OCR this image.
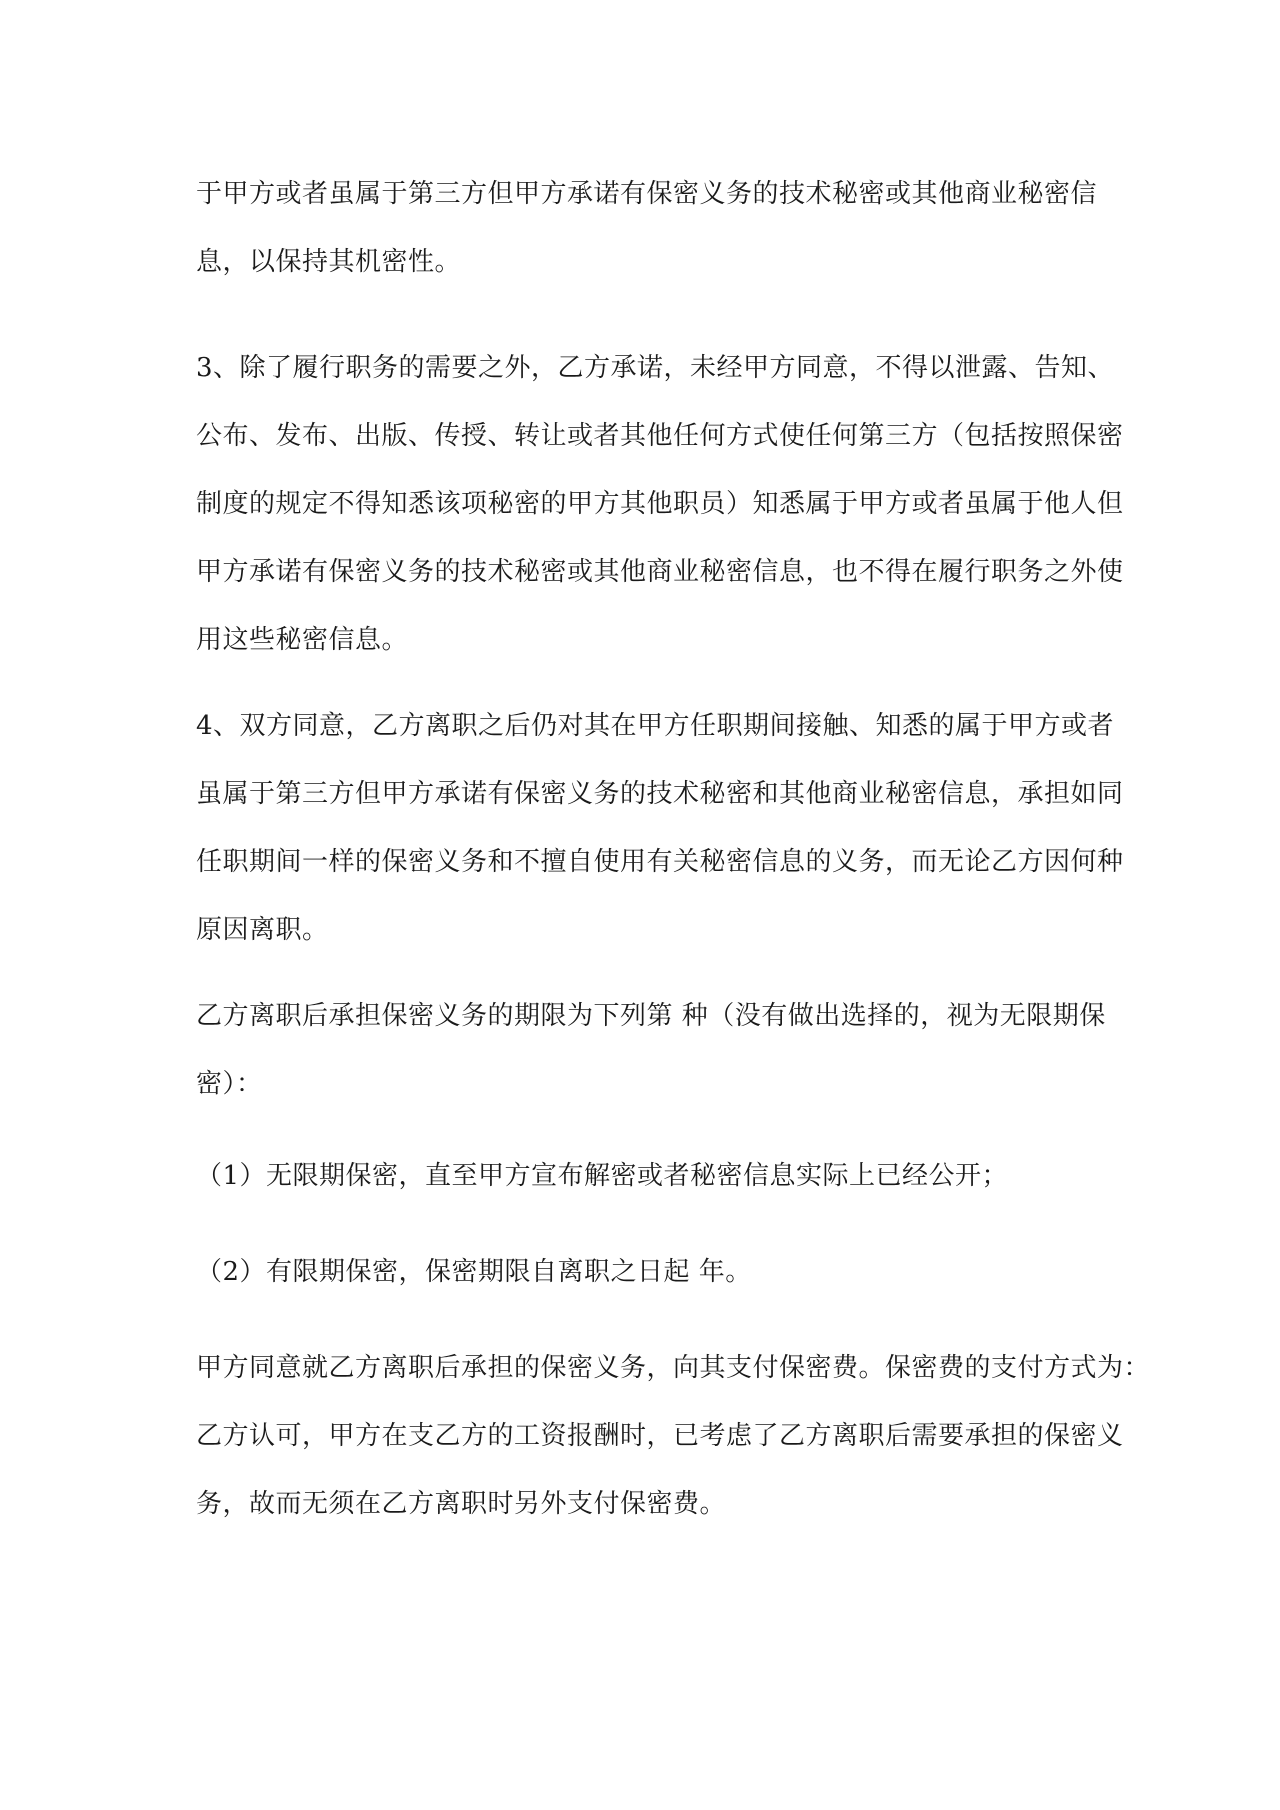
于甲方或者虽属于第三方但甲方承诺有保密义务的技术秘密或其他商业秘密信
息，以保持其机密性。
3、除了履行职务的需要之外，乙方承诺，未经甲方同意，不得以泄露、告知、
公布、发布、出版、传授、转让或者其他任何方式使任何第三方（包括按照保密
制度的规定不得知悉该项秘密的甲方其他职员）知悉属于甲方或者虽属于他人但
甲方承诺有保密义务的技术秘密或其他商业秘密信息，也不得在履行职务之外使
用这些秘密信息。
4、双方同意，乙方离职之后仍对其在甲方任职期间接触、知悉的属于甲方或者
虽属于第三方但甲方承诺有保密义务的技术秘密和其他商业秘密信息，承担如同
任职期间一样的保密义务和不擅自使用有关秘密信息的义务，而无论乙方因何种
原因离职。
乙方离职后承担保密义务的期限为下列第 种（没有做出选择的，视为无限期保
密）：
（1）无限期保密，直至甲方宣布解密或者秘密信息实际上已经公开；
（2）有限期保密，保密期限自离职之日起 年。
甲方同意就乙方离职后承担的保密义务，向其支付保密费。保密费的支付方式为：
乙方认可，甲方在支乙方的工资报酬时，已考虑了乙方离职后需要承担的保密义
务，故而无须在乙方离职时另外支付保密费。
